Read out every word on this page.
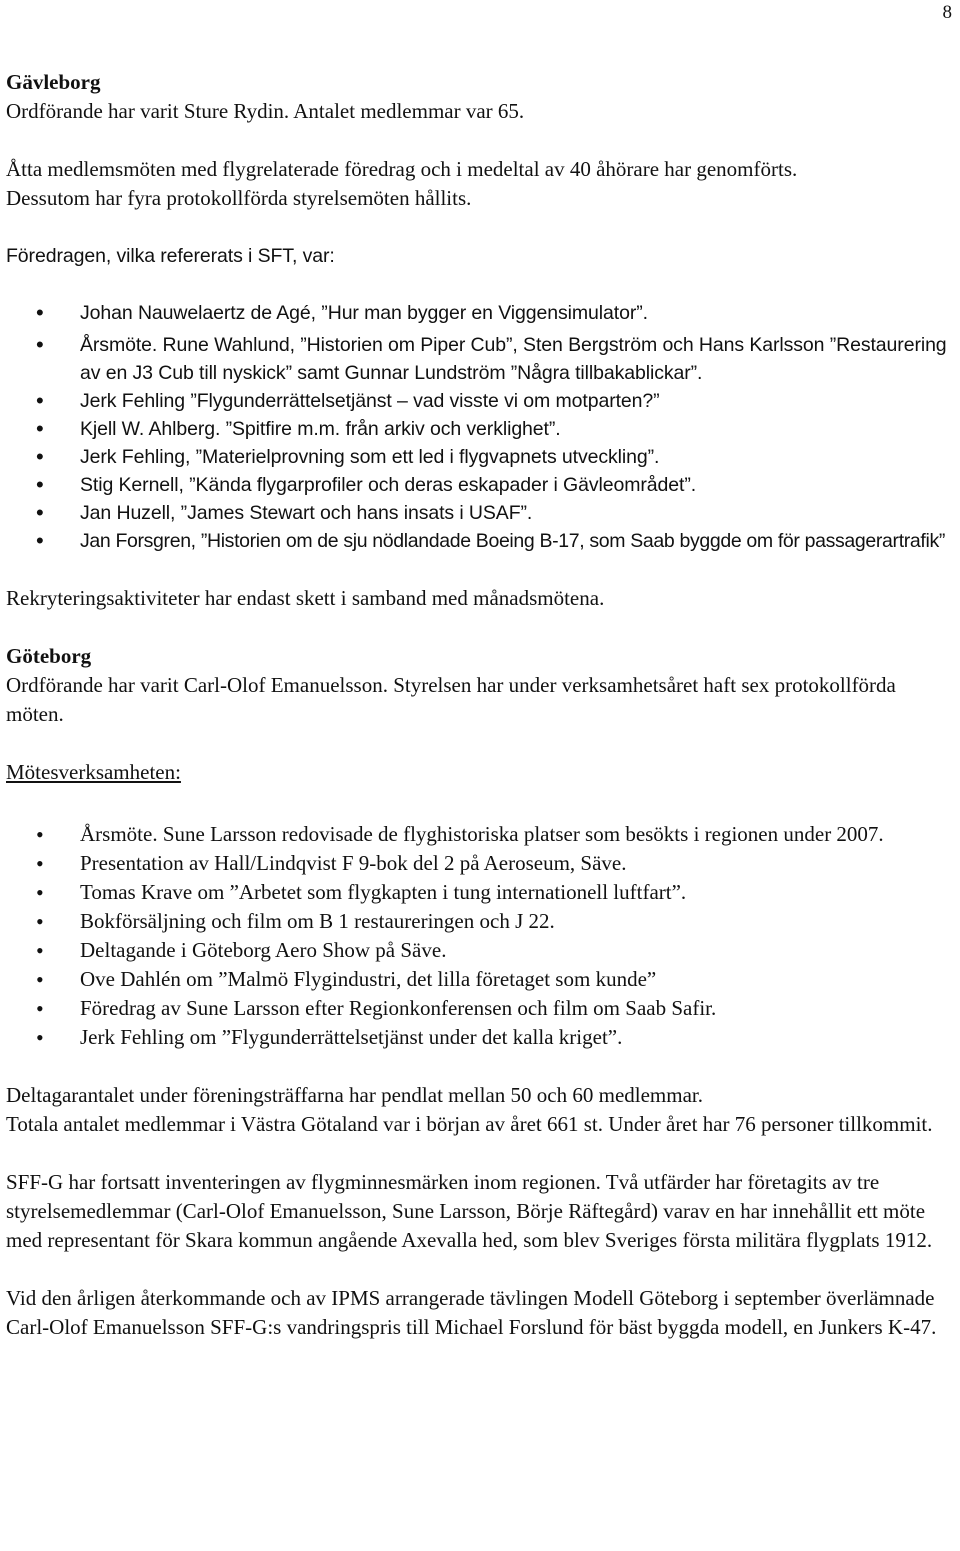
8

Gävleborg

Ordförande har varit Sture Rydin. Antalet medlemmar var 65.

Åtta medlemsmöten med flygrelaterade föredrag och i medeltal av 40 åhörare har genomförts.

Dessutom har fyra protokollförda styrelsemöten hållits.

Föredragen, vilka refererats i SFT, var:

• Johan Nauwelaertz de Agé, ”Hur man bygger en Viggensimulator”.
• Årsmöte. Rune Wahlund, ”Historien om Piper Cub”, Sten Bergström och Hans Karlsson ”Restaurering av en J3 Cub till nyskick” samt Gunnar Lundström ”Några tillbakablickar”.
• Jerk Fehling ”Flygunderrättelsetjänst – vad visste vi om motparten?”
• Kjell W. Ahlberg. ”Spitfire m.m. från arkiv och verklighet”.
• Jerk Fehling, ”Materielprovning som ett led i flygvapnets utveckling”.
• Stig Kernell, ”Kända flygarprofiler och deras eskapader i Gävleområdet”.
• Jan Huzell, ”James Stewart och hans insats i USAF”.
• Jan Forsgren, ”Historien om de sju nödlandade Boeing B-17, som Saab byggde om för passagerartrafik”

Rekryteringsaktiviteter har endast skett i samband med månadsmötena.

Göteborg

Ordförande har varit Carl-Olof Emanuelsson. Styrelsen har under verksamhetsåret haft sex protokollförda möten.

Mötesverksamheten:

• Årsmöte. Sune Larsson redovisade de flyghistoriska platser som besökts i regionen under 2007.
• Presentation av Hall/Lindqvist F 9-bok del 2 på Aeroseum, Säve.
• Tomas Krave om ”Arbetet som flygkapten i tung internationell luftfart”.
• Bokförsäljning och film om B 1 restaureringen och J 22.
• Deltagande i Göteborg Aero Show på Säve.
• Ove Dahlén om ”Malmö Flygindustri, det lilla företaget som kunde”
• Föredrag av Sune Larsson efter Regionkonferensen och film om Saab Safir.
• Jerk Fehling om ”Flygunderrättelsetjänst under det kalla kriget”.

Deltagarantalet under föreningsträffarna har pendlat mellan 50 och 60 medlemmar.

Totala antalet medlemmar i Västra Götaland var i början av året 661 st. Under året har 76 personer tillkommit.

SFF-G har fortsatt inventeringen av flygminnesmärken inom regionen. Två utfärder har företagits av tre styrelsemedlemmar (Carl-Olof Emanuelsson, Sune Larsson, Börje Räftegård) varav en har innehållit ett möte med representant för Skara kommun angående Axevalla hed, som blev Sveriges första militära flygplats 1912.

Vid den årligen återkommande och av IPMS arrangerade tävlingen Modell Göteborg i september överlämnade Carl-Olof Emanuelsson SFF-G:s vandringspris till Michael Forslund för bäst byggda modell, en Junkers K-47.
